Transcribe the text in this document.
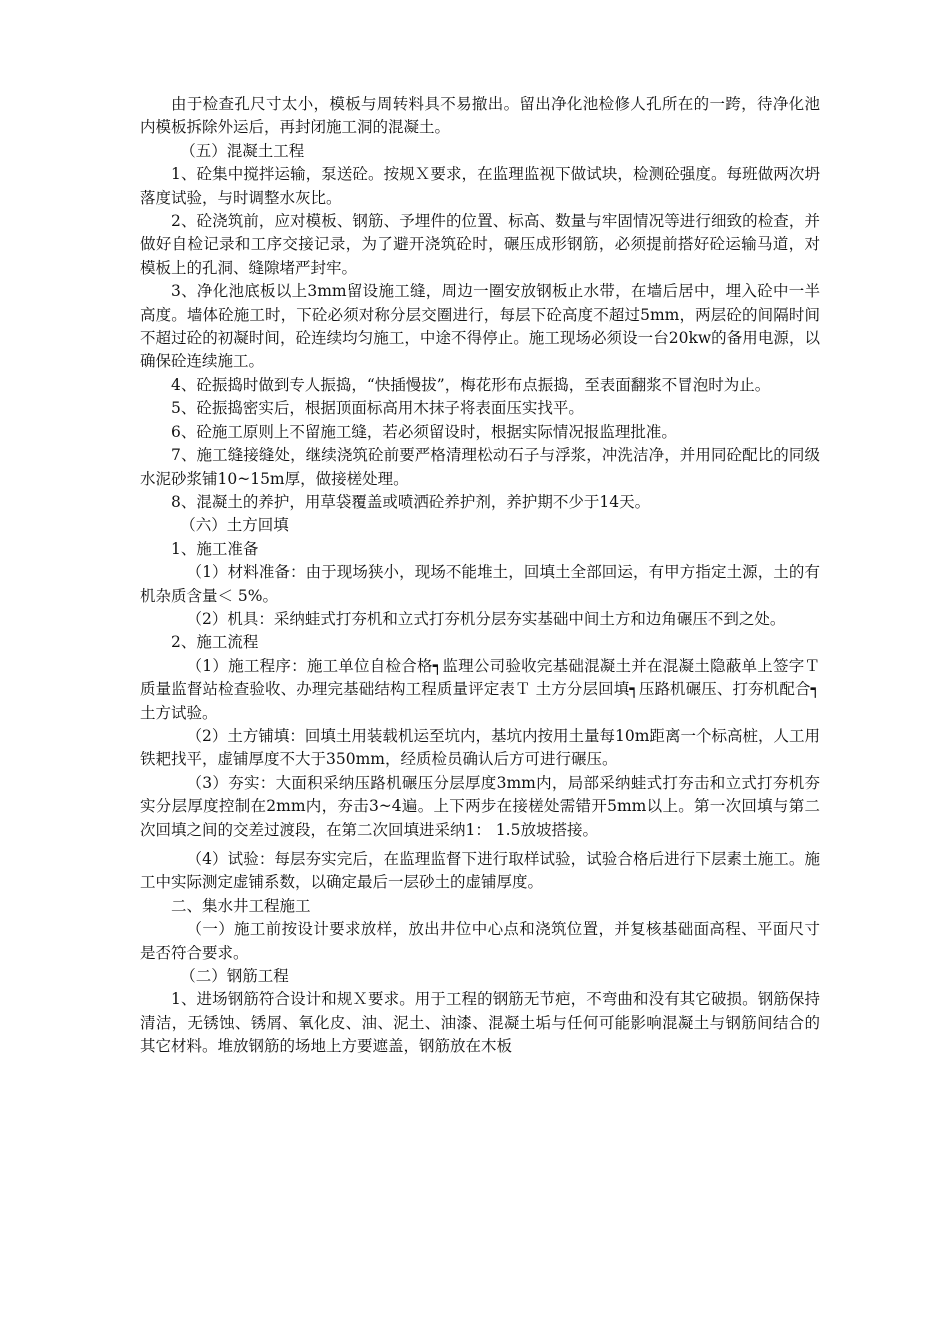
由于检查孔尺寸太小，模板与周转料具不易撤出。留出净化池检修人孔所在的一跨，待净化池内模板拆除外运后，再封闭施工洞的混凝土。

（五）混凝土工程

1、砼集中搅拌运输，泵送砼。按规Ｘ要求，在监理监视下做试块，检测砼强度。每班做两次坍落度试验，与时调整水灰比。

2、砼浇筑前，应对模板、钢筋、予埋件的位置、标高、数量与牢固情况等进行细致的检查，并做好自检记录和工序交接记录，为了避开浇筑砼时，碾压成形钢筋，必须提前搭好砼运输马道，对模板上的孔洞、缝隙堵严封牢。

3、净化池底板以上3mm留设施工缝，周边一圈安放钢板止水带，在墙后居中，埋入砼中一半高度。墙体砼施工时，下砼必须对称分层交圈进行，每层下砼高度不超过5mm，两层砼的间隔时间不超过砼的初凝时间，砼连续均匀施工，中途不得停止。施工现场必须设一台20kw的备用电源，以确保砼连续施工。

4、砼振捣时做到专人振捣，“快插慢拔”，梅花形布点振捣，至表面翻浆不冒泡时为止。

5、砼振捣密实后，根据顶面标高用木抹子将表面压实找平。

6、砼施工原则上不留施工缝，若必须留设时，根据实际情况报监理批准。

7、施工缝接缝处，继续浇筑砼前要严格清理松动石子与浮浆，冲洗洁净，并用同砼配比的同级水泥砂浆铺10~15m厚，做接槎处理。

8、混凝土的养护，用草袋覆盖或喷洒砼养护剂，养护期不少于14天。

（六）土方回填

1、施工准备

（1）材料准备：由于现场狭小，现场不能堆土，回填土全部回运，有甲方指定土源，土的有机杂质含量＜ 5%。

（2）机具：采纳蛙式打夯机和立式打夯机分层夯实基础中间土方和边角碾压不到之处。

2、施工流程

（1）施工程序：施工单位自检合格┑监理公司验收完基础混凝土并在混凝土隐蔽单上签字Ｔ质量监督站检查验收、办理完基础结构工程质量评定表Ｔ 土方分层回填┑压路机碾压、打夯机配合┑ 土方试验。

（2）土方铺填：回填土用装载机运至坑内，基坑内按用土量每10m距离一个标高桩，人工用铁耙找平，虚铺厚度不大于350mm，经质检员确认后方可进行碾压。

（3）夯实：大面积采纳压路机碾压分层厚度3mm内，局部采纳蛙式打夯击和立式打夯机夯实分层厚度控制在2mm内，夯击3~4遍。上下两步在接槎处需错开5mm以上。第一次回填与第二次回填之间的交差过渡段，在第二次回填进采纳1： 1.5放坡搭接。

（4）试验：每层夯实完后，在监理监督下进行取样试验，试验合格后进行下层素土施工。施工中实际测定虚铺系数，以确定最后一层砂土的虚铺厚度。

二、集水井工程施工

（一）施工前按设计要求放样，放出井位中心点和浇筑位置，并复核基础面高程、平面尺寸是否符合要求。

（二）钢筋工程

1、进场钢筋符合设计和规Ｘ要求。用于工程的钢筋无节疤，不弯曲和没有其它破损。钢筋保持清洁，无锈蚀、锈屑、氧化皮、油、泥土、油漆、混凝土垢与任何可能影响混凝土与钢筋间结合的其它材料。堆放钢筋的场地上方要遮盖，钢筋放在木板
